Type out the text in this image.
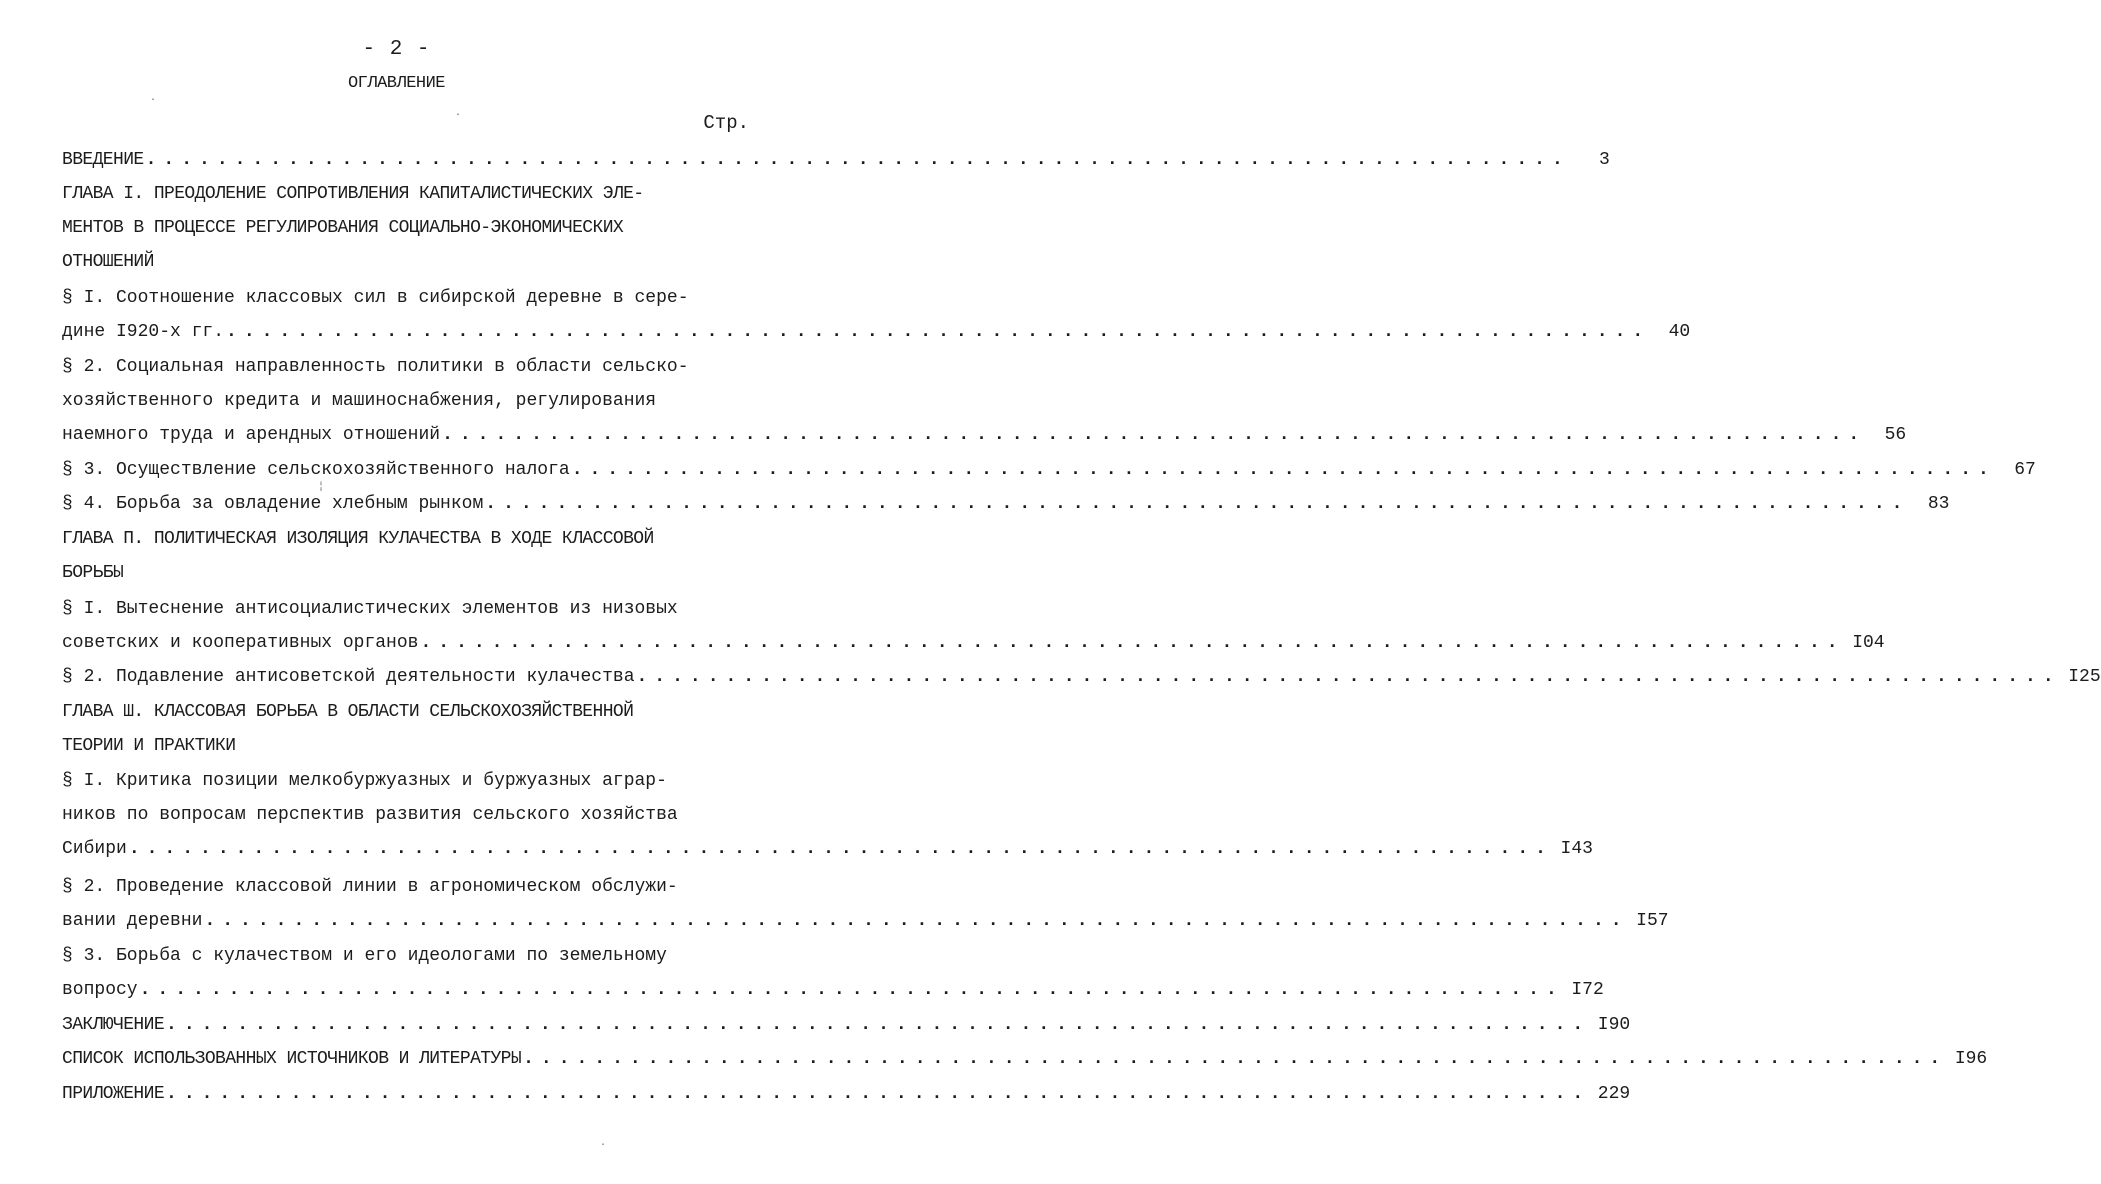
- 2 -
ОГЛАВЛЕНИЕ
Стр.
ВВЕДЕНИЕ ................................................................................	3
ГЛАВА I. ПРЕОДОЛЕНИЕ СОПРОТИВЛЕНИЯ КАПИТАЛИСТИЧЕСКИХ ЭЛЕ-
МЕНТОВ В ПРОЦЕССЕ РЕГУЛИРОВАНИЯ СОЦИАЛЬНО-ЭКОНОМИЧЕСКИХ
ОТНОШЕНИЙ
§ I. Соотношение классовых сил в сибирской деревне в сере-
дине I920-х гг. ................................................................................	40
§ 2. Социальная направленность политики в области сельско-
хозяйственного кредита и машиноснабжения, регулирования
наемного труда и арендных отношений ................................................................................	56
§ 3. Осуществление сельскохозяйственного налога ................................................................................	67
§ 4. Борьба за овладение хлебным рынком ................................................................................	83
ГЛАВА П. ПОЛИТИЧЕСКАЯ ИЗОЛЯЦИЯ КУЛАЧЕСТВА В ХОДЕ КЛАССОВОЙ
БОРЬБЫ
§ I. Вытеснение антисоциалистических элементов из низовых
советских и кооперативных органов ................................................................................ I04
§ 2. Подавление антисоветской деятельности кулачества ................................................................................ I25
ГЛАВА Ш. КЛАССОВАЯ БОРЬБА В ОБЛАСТИ СЕЛЬСКОХОЗЯЙСТВЕННОЙ
ТЕОРИИ И ПРАКТИКИ
§ I. Критика позиции мелкобуржуазных и буржуазных аграр-
ников по вопросам перспектив развития сельского хозяйства
Сибири ................................................................................ I43
§ 2. Проведение классовой линии в агрономическом обслужи-
вании деревни ................................................................................ I57
§ 3. Борьба с кулачеством и его идеологами по земельному
вопросу ................................................................................ I72
ЗАКЛЮЧЕНИЕ ................................................................................ I90
СПИСОК ИСПОЛЬЗОВАННЫХ ИСТОЧНИКОВ И ЛИТЕРАТУРЫ ................................................................................ I96
ПРИЛОЖЕНИЕ ................................................................................ 229
·
·
¦
·
